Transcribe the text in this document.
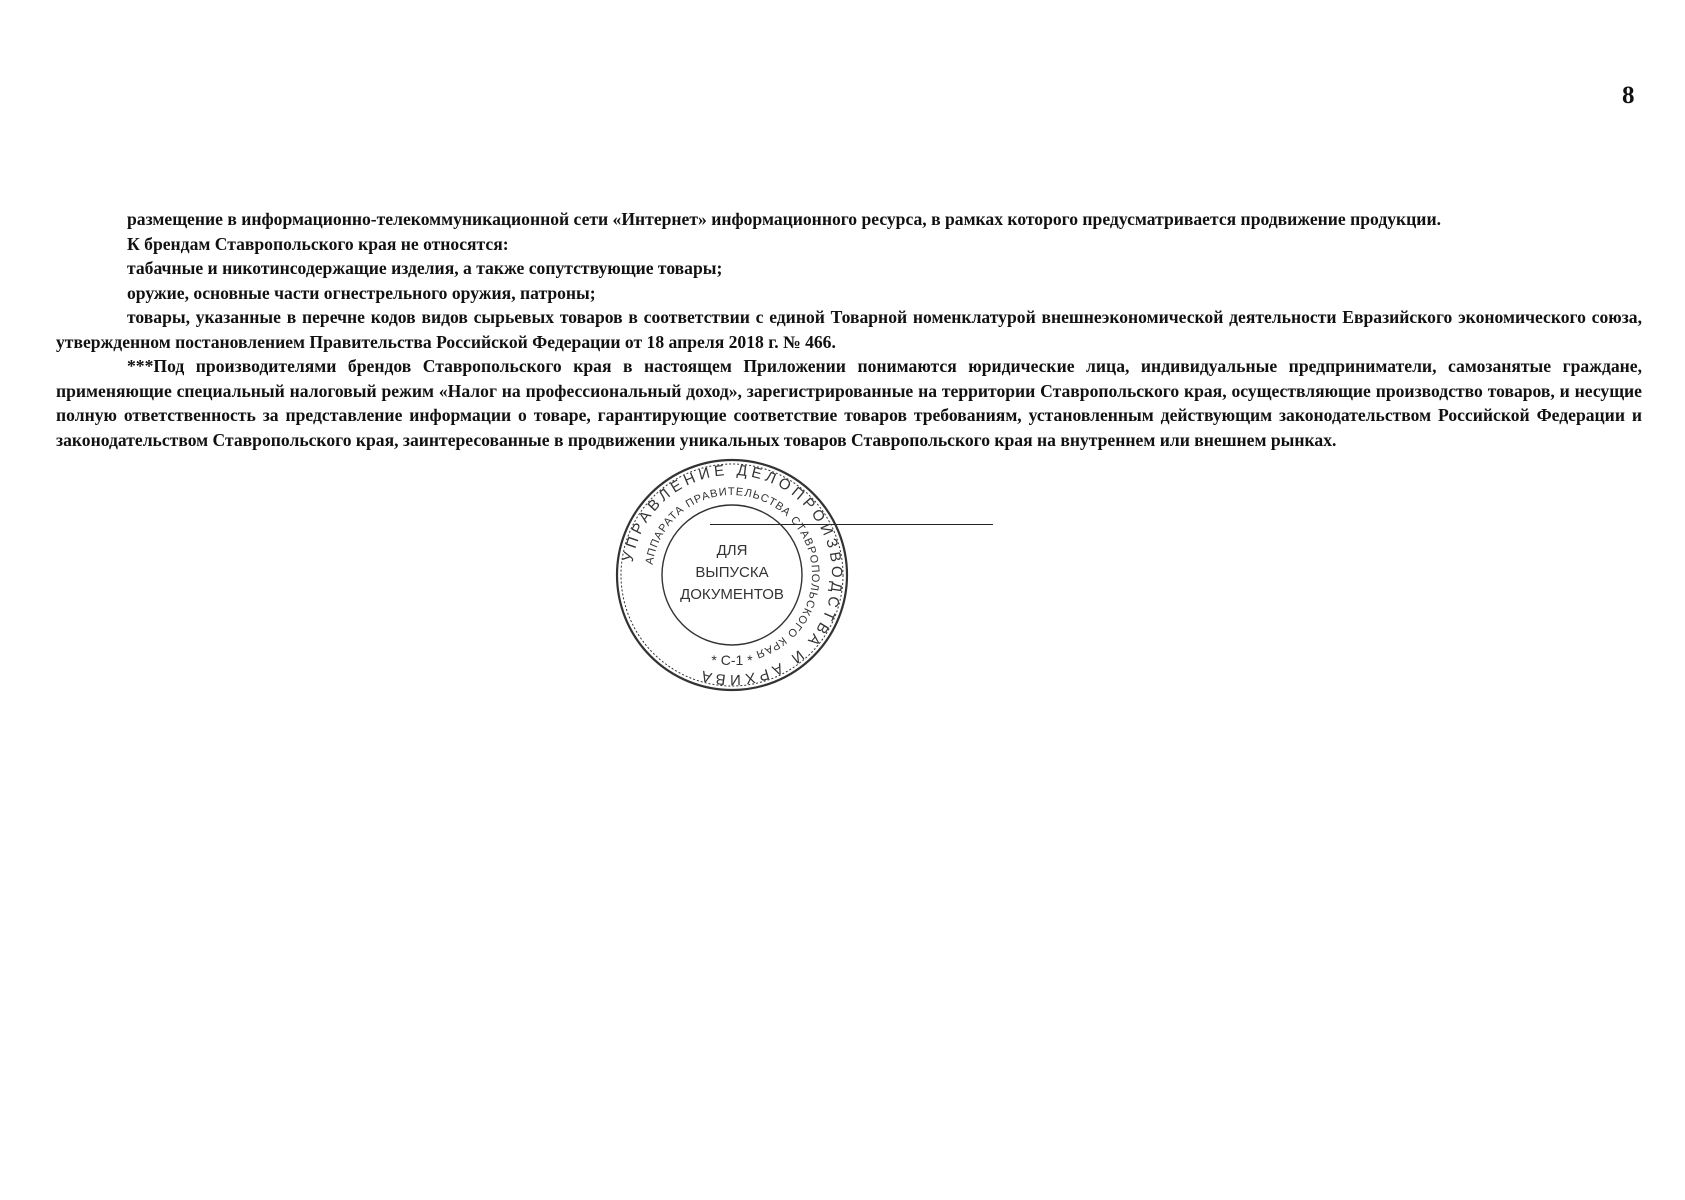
8

размещение в информационно-телекоммуникационной сети «Интернет» информационного ресурса, в рамках которого предусматривается продвижение продукции.

К брендам Ставропольского края не относятся:

табачные и никотинсодержащие изделия, а также сопутствующие товары;

оружие, основные части огнестрельного оружия, патроны;

товары, указанные в перечне кодов видов сырьевых товаров в соответствии с единой Товарной номенклатурой внешнеэкономической деятельности Евразийского экономического союза, утвержденном постановлением Правительства Российской Федерации от 18 апреля 2018 г. № 466.

***Под производителями брендов Ставропольского края в настоящем Приложении понимаются юридические лица, индивидуальные предприниматели, самозанятые граждане, применяющие специальный налоговый режим «Налог на профессиональный доход», зарегистрированные на территории Ставропольского края, осуществляющие производство товаров, и несущие полную ответственность за представление информации о товаре, гарантирующие соответствие товаров требованиям, установленным действующим законодательством Российской Федерации и законодательством Ставропольского края, заинтересованные в продвижении уникальных товаров Ставропольского края на внутреннем или внешнем рынках.

УПРАВЛЕНИЕ ДЕЛОПРОИЗВОДСТВА И АРХИВА
АППАРАТА ПРАВИТЕЛЬСТВА СТАВРОПОЛЬСКОГО КРАЯ
ДЛЯ
ВЫПУСКА
ДОКУМЕНТОВ
* С-1 *
